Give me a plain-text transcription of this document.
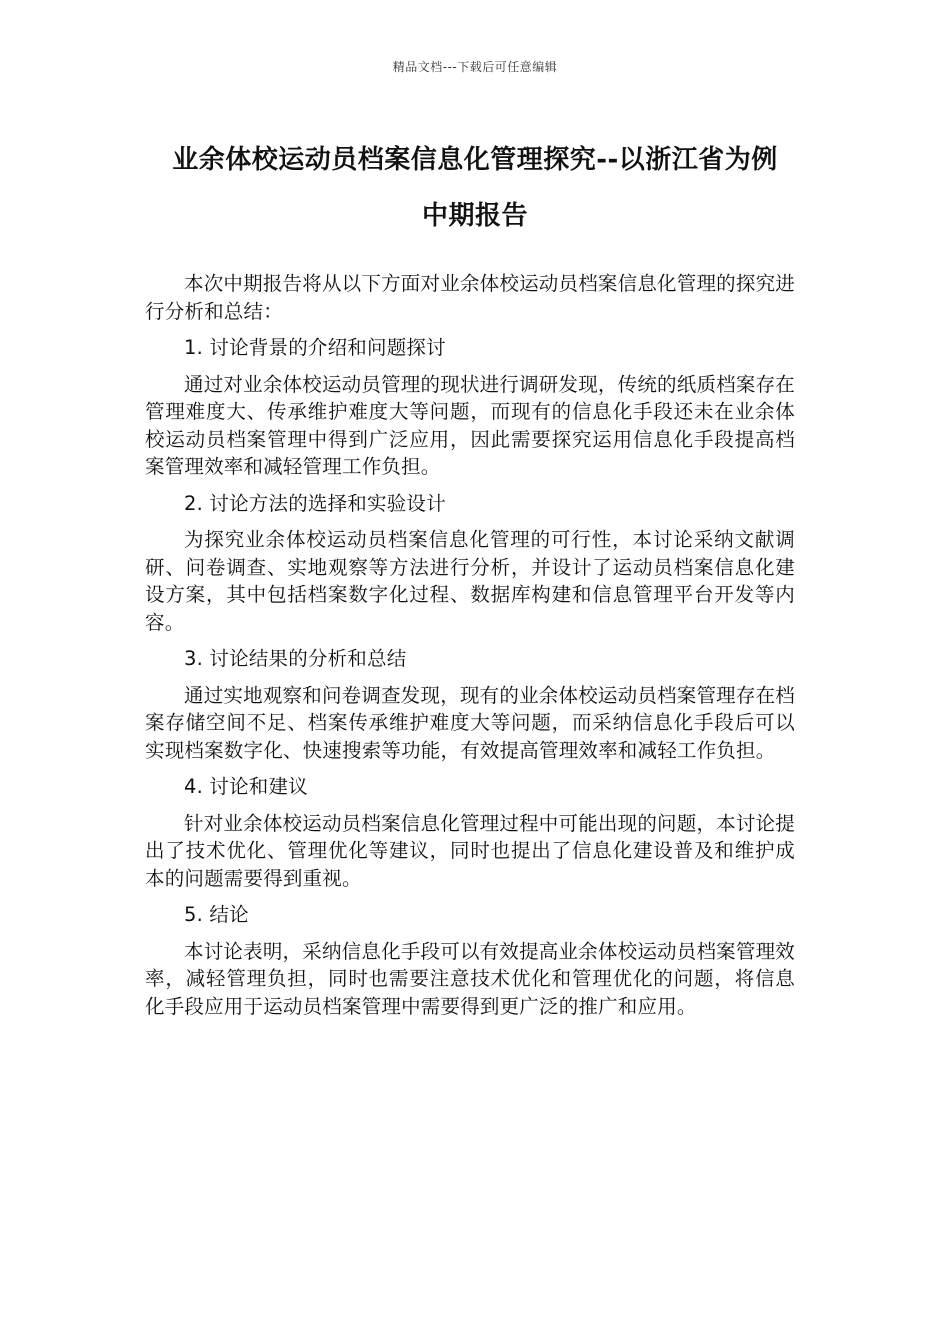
精品文档---下载后可任意编辑
业余体校运动员档案信息化管理探究--以浙江省为例
中期报告

本次中期报告将从以下方面对业余体校运动员档案信息化管理的探究进行分析和总结：

1. 讨论背景的介绍和问题探讨

通过对业余体校运动员管理的现状进行调研发现，传统的纸质档案存在管理难度大、传承维护难度大等问题，而现有的信息化手段还未在业余体校运动员档案管理中得到广泛应用，因此需要探究运用信息化手段提高档案管理效率和减轻管理工作负担。

2. 讨论方法的选择和实验设计

为探究业余体校运动员档案信息化管理的可行性，本讨论采纳文献调研、问卷调查、实地观察等方法进行分析，并设计了运动员档案信息化建设方案，其中包括档案数字化过程、数据库构建和信息管理平台开发等内容。

3. 讨论结果的分析和总结

通过实地观察和问卷调查发现，现有的业余体校运动员档案管理存在档案存储空间不足、档案传承维护难度大等问题，而采纳信息化手段后可以实现档案数字化、快速搜索等功能，有效提高管理效率和减轻工作负担。

4. 讨论和建议

针对业余体校运动员档案信息化管理过程中可能出现的问题，本讨论提出了技术优化、管理优化等建议，同时也提出了信息化建设普及和维护成本的问题需要得到重视。

5. 结论

本讨论表明，采纳信息化手段可以有效提高业余体校运动员档案管理效率，减轻管理负担，同时也需要注意技术优化和管理优化的问题，将信息化手段应用于运动员档案管理中需要得到更广泛的推广和应用。
